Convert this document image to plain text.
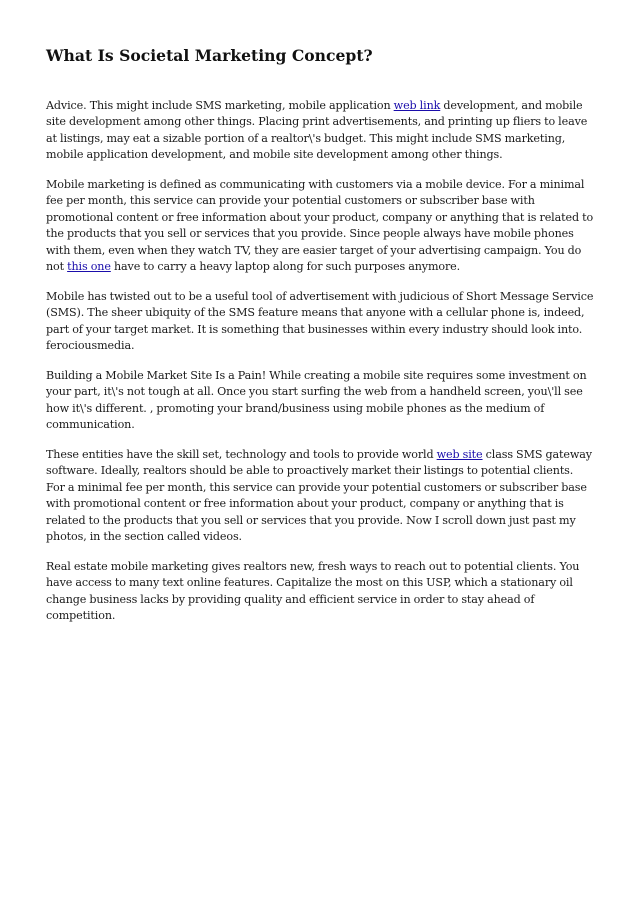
What Is Societal Marketing Concept?

Advice. This might include SMS marketing, mobile application web link development, and mobile site development among other things. Placing print advertisements, and printing up fliers to leave at listings, may eat a sizable portion of a realtor\'s budget. This might include SMS marketing, mobile application development, and mobile site development among other things.

Mobile marketing is defined as communicating with customers via a mobile device. For a minimal fee per month, this service can provide your potential customers or subscriber base with promotional content or free information about your product, company or anything that is related to the products that you sell or services that you provide. Since people always have mobile phones with them, even when they watch TV, they are easier target of your advertising campaign. You do not this one have to carry a heavy laptop along for such purposes anymore.

Mobile has twisted out to be a useful tool of advertisement with judicious of Short Message Service (SMS). The sheer ubiquity of the SMS feature means that anyone with a cellular phone is, indeed, part of your target market. It is something that businesses within every industry should look into. ferociousmedia.

Building a Mobile Market Site Is a Pain! While creating a mobile site requires some investment on your part, it\'s not tough at all. Once you start surfing the web from a handheld screen, you\'ll see how it\'s different. , promoting your brand/business using mobile phones as the medium of communication.

These entities have the skill set, technology and tools to provide world web site class SMS gateway software. Ideally, realtors should be able to proactively market their listings to potential clients. For a minimal fee per month, this service can provide your potential customers or subscriber base with promotional content or free information about your product, company or anything that is related to the products that you sell or services that you provide. Now I scroll down just past my photos, in the section called videos.

Real estate mobile marketing gives realtors new, fresh ways to reach out to potential clients. You have access to many text online features. Capitalize the most on this USP, which a stationary oil change business lacks by providing quality and efficient service in order to stay ahead of competition.
